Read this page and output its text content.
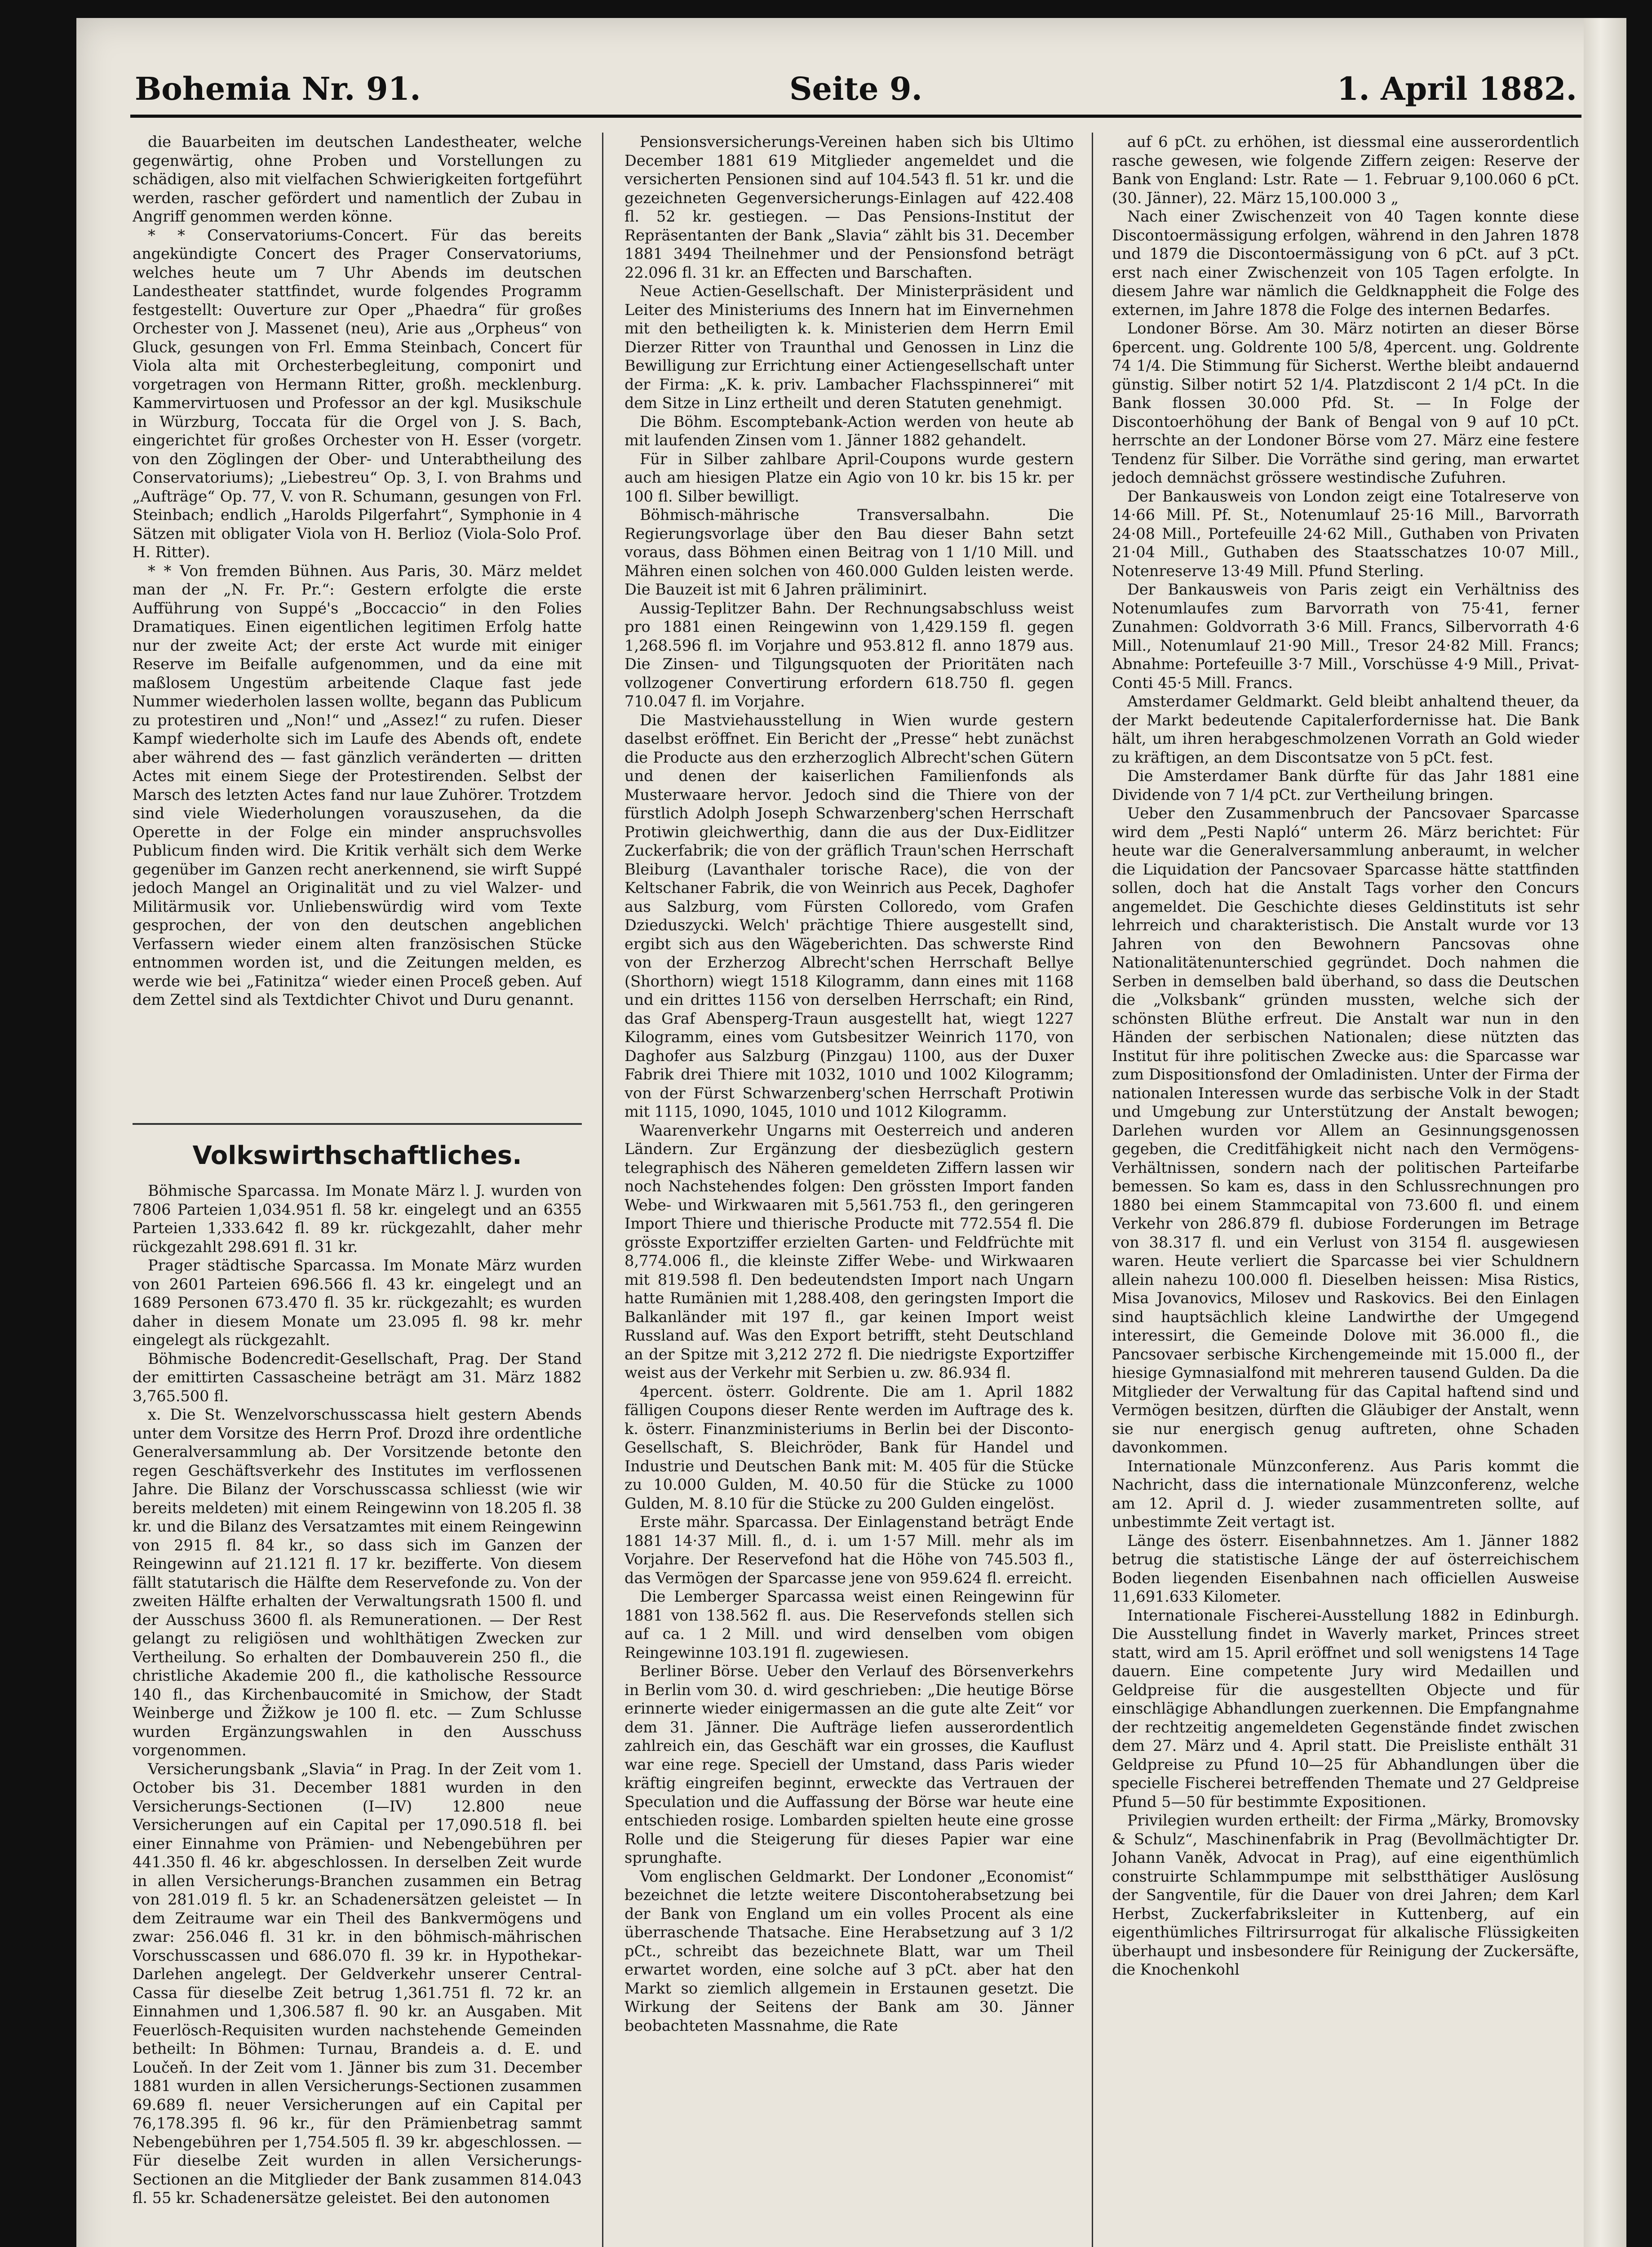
Bohemia Nr. 91.	Seite 9.	1. April 1882.

die Bauarbeiten im deutschen Landestheater, welche gegenwärtig, ohne Proben und Vorstellungen zu schädigen, also mit vielfachen Schwierigkeiten fortgeführt werden, rascher gefördert und namentlich der Zubau in Angriff genommen werden könne.

* * Conservatoriums-Concert. Für das bereits angekündigte Concert des Prager Conservatoriums, welches heute um 7 Uhr Abends im deutschen Landestheater stattfindet, wurde folgendes Programm festgestellt: Ouverture zur Oper „Phaedra“ für großes Orchester von J. Massenet (neu), Arie aus „Orpheus“ von Gluck, gesungen von Frl. Emma Steinbach, Concert für Viola alta mit Orchesterbegleitung, componirt und vorgetragen von Hermann Ritter, großh. mecklenburg. Kammervirtuosen und Professor an der kgl. Musikschule in Würzburg, Toccata für die Orgel von J. S. Bach, eingerichtet für großes Orchester von H. Esser (vorgetr. von den Zöglingen der Ober- und Unterabtheilung des Conservatoriums); „Liebestreu“ Op. 3, I. von Brahms und „Aufträge“ Op. 77, V. von R. Schumann, gesungen von Frl. Steinbach; endlich „Harolds Pilgerfahrt“, Symphonie in 4 Sätzen mit obligater Viola von H. Berlioz (Viola-Solo Prof. H. Ritter).

* * Von fremden Bühnen. Aus Paris, 30. März meldet man der „N. Fr. Pr.“: Gestern erfolgte die erste Aufführung von Suppé's „Boccaccio“ in den Folies Dramatiques. Einen eigentlichen legitimen Erfolg hatte nur der zweite Act; der erste Act wurde mit einiger Reserve im Beifalle aufgenommen, und da eine mit maßlosem Ungestüm arbeitende Claque fast jede Nummer wiederholen lassen wollte, begann das Publicum zu protestiren und „Non!“ und „Assez!“ zu rufen. Dieser Kampf wiederholte sich im Laufe des Abends oft, endete aber während des — fast gänzlich veränderten — dritten Actes mit einem Siege der Protestirenden. Selbst der Marsch des letzten Actes fand nur laue Zuhörer. Trotzdem sind viele Wiederholungen vorauszusehen, da die Operette in der Folge ein minder anspruchsvolles Publicum finden wird. Die Kritik verhält sich dem Werke gegenüber im Ganzen recht anerkennend, sie wirft Suppé jedoch Mangel an Originalität und zu viel Walzer- und Militärmusik vor. Unliebenswürdig wird vom Texte gesprochen, der von den deutschen angeblichen Verfassern wieder einem alten französischen Stücke entnommen worden ist, und die Zeitungen melden, es werde wie bei „Fatinitza“ wieder einen Proceß geben. Auf dem Zettel sind als Textdichter Chivot und Duru genannt.

Volkswirthschaftliches.

Böhmische Sparcassa. Im Monate März l. J. wurden von 7806 Parteien 1,034.951 fl. 58 kr. eingelegt und an 6355 Parteien 1,333.642 fl. 89 kr. rückgezahlt, daher mehr rückgezahlt 298.691 fl. 31 kr.

Prager städtische Sparcassa. Im Monate März wurden von 2601 Parteien 696.566 fl. 43 kr. eingelegt und an 1689 Personen 673.470 fl. 35 kr. rückgezahlt; es wurden daher in diesem Monate um 23.095 fl. 98 kr. mehr eingelegt als rückgezahlt.

Böhmische Bodencredit-Gesellschaft, Prag. Der Stand der emittirten Cassascheine beträgt am 31. März 1882 3,765.500 fl.

x. Die St. Wenzelvorschusscassa hielt gestern Abends unter dem Vorsitze des Herrn Prof. Drozd ihre ordentliche Generalversammlung ab. Der Vorsitzende betonte den regen Geschäftsverkehr des Institutes im verflossenen Jahre. Die Bilanz der Vorschusscassa schliesst (wie wir bereits meldeten) mit einem Reingewinn von 18.205 fl. 38 kr. und die Bilanz des Versatzamtes mit einem Reingewinn von 2915 fl. 84 kr., so dass sich im Ganzen der Reingewinn auf 21.121 fl. 17 kr. bezifferte. Von diesem fällt statutarisch die Hälfte dem Reservefonde zu. Von der zweiten Hälfte erhalten der Verwaltungsrath 1500 fl. und der Ausschuss 3600 fl. als Remunerationen. — Der Rest gelangt zu religiösen und wohlthätigen Zwecken zur Vertheilung. So erhalten der Dombauverein 250 fl., die christliche Akademie 200 fl., die katholische Ressource 140 fl., das Kirchenbaucomité in Smichow, der Stadt Weinberge und Žižkow je 100 fl. etc. — Zum Schlusse wurden Ergänzungswahlen in den Ausschuss vorgenommen.

Versicherungsbank „Slavia“ in Prag. In der Zeit vom 1. October bis 31. December 1881 wurden in den Versicherungs-Sectionen (I—IV) 12.800 neue Versicherungen auf ein Capital per 17,090.518 fl. bei einer Einnahme von Prämien- und Nebengebühren per 441.350 fl. 46 kr. abgeschlossen. In derselben Zeit wurde in allen Versicherungs-Branchen zusammen ein Betrag von 281.019 fl. 5 kr. an Schadenersätzen geleistet — In dem Zeitraume war ein Theil des Bankvermögens und zwar: 256.046 fl. 31 kr. in den böhmisch-mährischen Vorschusscassen und 686.070 fl. 39 kr. in Hypothekar-Darlehen angelegt. Der Geldverkehr unserer Central-Cassa für dieselbe Zeit betrug 1,361.751 fl. 72 kr. an Einnahmen und 1,306.587 fl. 90 kr. an Ausgaben. Mit Feuerlösch-Requisiten wurden nachstehende Gemeinden betheilt: In Böhmen: Turnau, Brandeis a. d. E. und Loučeň. In der Zeit vom 1. Jänner bis zum 31. December 1881 wurden in allen Versicherungs-Sectionen zusammen 69.689 fl. neuer Versicherungen auf ein Capital per 76,178.395 fl. 96 kr., für den Prämienbetrag sammt Nebengebühren per 1,754.505 fl. 39 kr. abgeschlossen. — Für dieselbe Zeit wurden in allen Versicherungs-Sectionen an die Mitglieder der Bank zusammen 814.043 fl. 55 kr. Schadenersätze geleistet. Bei den autonomen

Pensionsversicherungs-Vereinen haben sich bis Ultimo December 1881 619 Mitglieder angemeldet und die versicherten Pensionen sind auf 104.543 fl. 51 kr. und die gezeichneten Gegenversicherungs-Einlagen auf 422.408 fl. 52 kr. gestiegen. — Das Pensions-Institut der Repräsentanten der Bank „Slavia“ zählt bis 31. December 1881 3494 Theilnehmer und der Pensionsfond beträgt 22.096 fl. 31 kr. an Effecten und Barschaften.

Neue Actien-Gesellschaft. Der Ministerpräsident und Leiter des Ministeriums des Innern hat im Einvernehmen mit den betheiligten k. k. Ministerien dem Herrn Emil Dierzer Ritter von Traunthal und Genossen in Linz die Bewilligung zur Errichtung einer Actiengesellschaft unter der Firma: „K. k. priv. Lambacher Flachsspinnerei“ mit dem Sitze in Linz ertheilt und deren Statuten genehmigt.

Die Böhm. Escomptebank-Action werden von heute ab mit laufenden Zinsen vom 1. Jänner 1882 gehandelt.

Für in Silber zahlbare April-Coupons wurde gestern auch am hiesigen Platze ein Agio von 10 kr. bis 15 kr. per 100 fl. Silber bewilligt.

Böhmisch-mährische Transversalbahn. Die Regierungsvorlage über den Bau dieser Bahn setzt voraus, dass Böhmen einen Beitrag von 1 1/10 Mill. und Mähren einen solchen von 460.000 Gulden leisten werde. Die Bauzeit ist mit 6 Jahren präliminirt.

Aussig-Teplitzer Bahn. Der Rechnungsabschluss weist pro 1881 einen Reingewinn von 1,429.159 fl. gegen 1,268.596 fl. im Vorjahre und 953.812 fl. anno 1879 aus. Die Zinsen- und Tilgungsquoten der Prioritäten nach vollzogener Convertirung erfordern 618.750 fl. gegen 710.047 fl. im Vorjahre.

Die Mastviehausstellung in Wien wurde gestern daselbst eröffnet. Ein Bericht der „Presse“ hebt zunächst die Producte aus den erzherzoglich Albrecht'schen Gütern und denen der kaiserlichen Familienfonds als Musterwaare hervor. Jedoch sind die Thiere von der fürstlich Adolph Joseph Schwarzenberg'schen Herrschaft Protiwin gleichwerthig, dann die aus der Dux-Eidlitzer Zuckerfabrik; die von der gräflich Traun'schen Herrschaft Bleiburg (Lavanthaler torische Race), die von der Keltschaner Fabrik, die von Weinrich aus Pecek, Daghofer aus Salzburg, vom Fürsten Colloredo, vom Grafen Dzieduszycki. Welch' prächtige Thiere ausgestellt sind, ergibt sich aus den Wägeberichten. Das schwerste Rind von der Erzherzog Albrecht'schen Herrschaft Bellye (Shorthorn) wiegt 1518 Kilogramm, dann eines mit 1168 und ein drittes 1156 von derselben Herrschaft; ein Rind, das Graf Abensperg-Traun ausgestellt hat, wiegt 1227 Kilogramm, eines vom Gutsbesitzer Weinrich 1170, von Daghofer aus Salzburg (Pinzgau) 1100, aus der Duxer Fabrik drei Thiere mit 1032, 1010 und 1002 Kilogramm; von der Fürst Schwarzenberg'schen Herrschaft Protiwin mit 1115, 1090, 1045, 1010 und 1012 Kilogramm.

Waarenverkehr Ungarns mit Oesterreich und anderen Ländern. Zur Ergänzung der diesbezüglich gestern telegraphisch des Näheren gemeldeten Ziffern lassen wir noch Nachstehendes folgen: Den grössten Import fanden Webe- und Wirkwaaren mit 5,561.753 fl., den geringeren Import Thiere und thierische Producte mit 772.554 fl. Die grösste Exportziffer erzielten Garten- und Feldfrüchte mit 8,774.006 fl., die kleinste Ziffer Webe- und Wirkwaaren mit 819.598 fl. Den bedeutendsten Import nach Ungarn hatte Rumänien mit 1,288.408, den geringsten Import die Balkanländer mit 197 fl., gar keinen Import weist Russland auf. Was den Export betrifft, steht Deutschland an der Spitze mit 3,212 272 fl. Die niedrigste Exportziffer weist aus der Verkehr mit Serbien u. zw. 86.934 fl.

4percent. österr. Goldrente. Die am 1. April 1882 fälligen Coupons dieser Rente werden im Auftrage des k. k. österr. Finanzministeriums in Berlin bei der Disconto-Gesellschaft, S. Bleichröder, Bank für Handel und Industrie und Deutschen Bank mit: M. 405 für die Stücke zu 10.000 Gulden, M. 40.50 für die Stücke zu 1000 Gulden, M. 8.10 für die Stücke zu 200 Gulden eingelöst.

Erste mähr. Sparcassa. Der Einlagenstand beträgt Ende 1881 14·37 Mill. fl., d. i. um 1·57 Mill. mehr als im Vorjahre. Der Reservefond hat die Höhe von 745.503 fl., das Vermögen der Sparcasse jene von 959.624 fl. erreicht.

Die Lemberger Sparcassa weist einen Reingewinn für 1881 von 138.562 fl. aus. Die Reservefonds stellen sich auf ca. 1 2 Mill. und wird denselben vom obigen Reingewinne 103.191 fl. zugewiesen.

Berliner Börse. Ueber den Verlauf des Börsenverkehrs in Berlin vom 30. d. wird geschrieben: „Die heutige Börse erinnerte wieder einigermassen an die gute alte Zeit“ vor dem 31. Jänner. Die Aufträge liefen ausserordentlich zahlreich ein, das Geschäft war ein grosses, die Kauflust war eine rege. Speciell der Umstand, dass Paris wieder kräftig eingreifen beginnt, erweckte das Vertrauen der Speculation und die Auffassung der Börse war heute eine entschieden rosige. Lombarden spielten heute eine grosse Rolle und die Steigerung für dieses Papier war eine sprunghafte.

Vom englischen Geldmarkt. Der Londoner „Economist“ bezeichnet die letzte weitere Discontoherabsetzung bei der Bank von England um ein volles Procent als eine überraschende Thatsache. Eine Herabsetzung auf 3 1/2 pCt., schreibt das bezeichnete Blatt, war um Theil erwartet worden, eine solche auf 3 pCt. aber hat den Markt so ziemlich allgemein in Erstaunen gesetzt. Die Wirkung der Seitens der Bank am 30. Jänner beobachteten Massnahme, die Rate

auf 6 pCt. zu erhöhen, ist diessmal eine ausserordentlich rasche gewesen, wie folgende Ziffern zeigen: Reserve der Bank von England: Lstr. Rate — 1. Februar 9,100.060 6 pCt. (30. Jänner), 22. März 15,100.000 3 „

Nach einer Zwischenzeit von 40 Tagen konnte diese Discontoermässigung erfolgen, während in den Jahren 1878 und 1879 die Discontoermässigung von 6 pCt. auf 3 pCt. erst nach einer Zwischenzeit von 105 Tagen erfolgte. In diesem Jahre war nämlich die Geldknappheit die Folge des externen, im Jahre 1878 die Folge des internen Bedarfes.

Londoner Börse. Am 30. März notirten an dieser Börse 6percent. ung. Goldrente 100 5/8, 4percent. ung. Goldrente 74 1/4. Die Stimmung für Sicherst. Werthe bleibt andauernd günstig. Silber notirt 52 1/4. Platzdiscont 2 1/4 pCt. In die Bank flossen 30.000 Pfd. St. — In Folge der Discontoerhöhung der Bank of Bengal von 9 auf 10 pCt. herrschte an der Londoner Börse vom 27. März eine festere Tendenz für Silber. Die Vorräthe sind gering, man erwartet jedoch demnächst grössere westindische Zufuhren.

Der Bankausweis von London zeigt eine Totalreserve von 14·66 Mill. Pf. St., Notenumlauf 25·16 Mill., Barvorrath 24·08 Mill., Portefeuille 24·62 Mill., Guthaben von Privaten 21·04 Mill., Guthaben des Staatsschatzes 10·07 Mill., Notenreserve 13·49 Mill. Pfund Sterling.

Der Bankausweis von Paris zeigt ein Verhältniss des Notenumlaufes zum Barvorrath von 75·41, ferner Zunahmen: Goldvorrath 3·6 Mill. Francs, Silbervorrath 4·6 Mill., Notenumlauf 21·90 Mill., Tresor 24·82 Mill. Francs; Abnahme: Portefeuille 3·7 Mill., Vorschüsse 4·9 Mill., Privat-Conti 45·5 Mill. Francs.

Amsterdamer Geldmarkt. Geld bleibt anhaltend theuer, da der Markt bedeutende Capitalerfordernisse hat. Die Bank hält, um ihren herabgeschmolzenen Vorrath an Gold wieder zu kräftigen, an dem Discontsatze von 5 pCt. fest.

Die Amsterdamer Bank dürfte für das Jahr 1881 eine Dividende von 7 1/4 pCt. zur Vertheilung bringen.

Ueber den Zusammenbruch der Pancsovaer Sparcasse wird dem „Pesti Napló“ unterm 26. März berichtet: Für heute war die Generalversammlung anberaumt, in welcher die Liquidation der Pancsovaer Sparcasse hätte stattfinden sollen, doch hat die Anstalt Tags vorher den Concurs angemeldet. Die Geschichte dieses Geldinstituts ist sehr lehrreich und charakteristisch. Die Anstalt wurde vor 13 Jahren von den Bewohnern Pancsovas ohne Nationalitätenunterschied gegründet. Doch nahmen die Serben in demselben bald überhand, so dass die Deutschen die „Volksbank“ gründen mussten, welche sich der schönsten Blüthe erfreut. Die Anstalt war nun in den Händen der serbischen Nationalen; diese nützten das Institut für ihre politischen Zwecke aus: die Sparcasse war zum Dispositionsfond der Omladinisten. Unter der Firma der nationalen Interessen wurde das serbische Volk in der Stadt und Umgebung zur Unterstützung der Anstalt bewogen; Darlehen wurden vor Allem an Gesinnungsgenossen gegeben, die Creditfähigkeit nicht nach den Vermögens-Verhältnissen, sondern nach der politischen Parteifarbe bemessen. So kam es, dass in den Schlussrechnungen pro 1880 bei einem Stammcapital von 73.600 fl. und einem Verkehr von 286.879 fl. dubiose Forderungen im Betrage von 38.317 fl. und ein Verlust von 3154 fl. ausgewiesen waren. Heute verliert die Sparcasse bei vier Schuldnern allein nahezu 100.000 fl. Dieselben heissen: Misa Ristics, Misa Jovanovics, Milosev und Raskovics. Bei den Einlagen sind hauptsächlich kleine Landwirthe der Umgegend interessirt, die Gemeinde Dolove mit 36.000 fl., die Pancsovaer serbische Kirchengemeinde mit 15.000 fl., der hiesige Gymnasialfond mit mehreren tausend Gulden. Da die Mitglieder der Verwaltung für das Capital haftend sind und Vermögen besitzen, dürften die Gläubiger der Anstalt, wenn sie nur energisch genug auftreten, ohne Schaden davonkommen.

Internationale Münzconferenz. Aus Paris kommt die Nachricht, dass die internationale Münzconferenz, welche am 12. April d. J. wieder zusammentreten sollte, auf unbestimmte Zeit vertagt ist.

Länge des österr. Eisenbahnnetzes. Am 1. Jänner 1882 betrug die statistische Länge der auf österreichischem Boden liegenden Eisenbahnen nach officiellen Ausweise 11,691.633 Kilometer.

Internationale Fischerei-Ausstellung 1882 in Edinburgh. Die Ausstellung findet in Waverly market, Princes street statt, wird am 15. April eröffnet und soll wenigstens 14 Tage dauern. Eine competente Jury wird Medaillen und Geldpreise für die ausgestellten Objecte und für einschlägige Abhandlungen zuerkennen. Die Empfangnahme der rechtzeitig angemeldeten Gegenstände findet zwischen dem 27. März und 4. April statt. Die Preisliste enthält 31 Geldpreise zu Pfund 10—25 für Abhandlungen über die specielle Fischerei betreffenden Themate und 27 Geldpreise Pfund 5—50 für bestimmte Expositionen.

Privilegien wurden ertheilt: der Firma „Märky, Bromovsky & Schulz“, Maschinenfabrik in Prag (Bevollmächtigter Dr. Johann Vaněk, Advocat in Prag), auf eine eigenthümlich construirte Schlammpumpe mit selbstthätiger Auslösung der Sangventile, für die Dauer von drei Jahren; dem Karl Herbst, Zuckerfabriksleiter in Kuttenberg, auf ein eigenthümliches Filtrirsurrogat für alkalische Flüssigkeiten überhaupt und insbesondere für Reinigung der Zuckersäfte, die Knochenkohl
